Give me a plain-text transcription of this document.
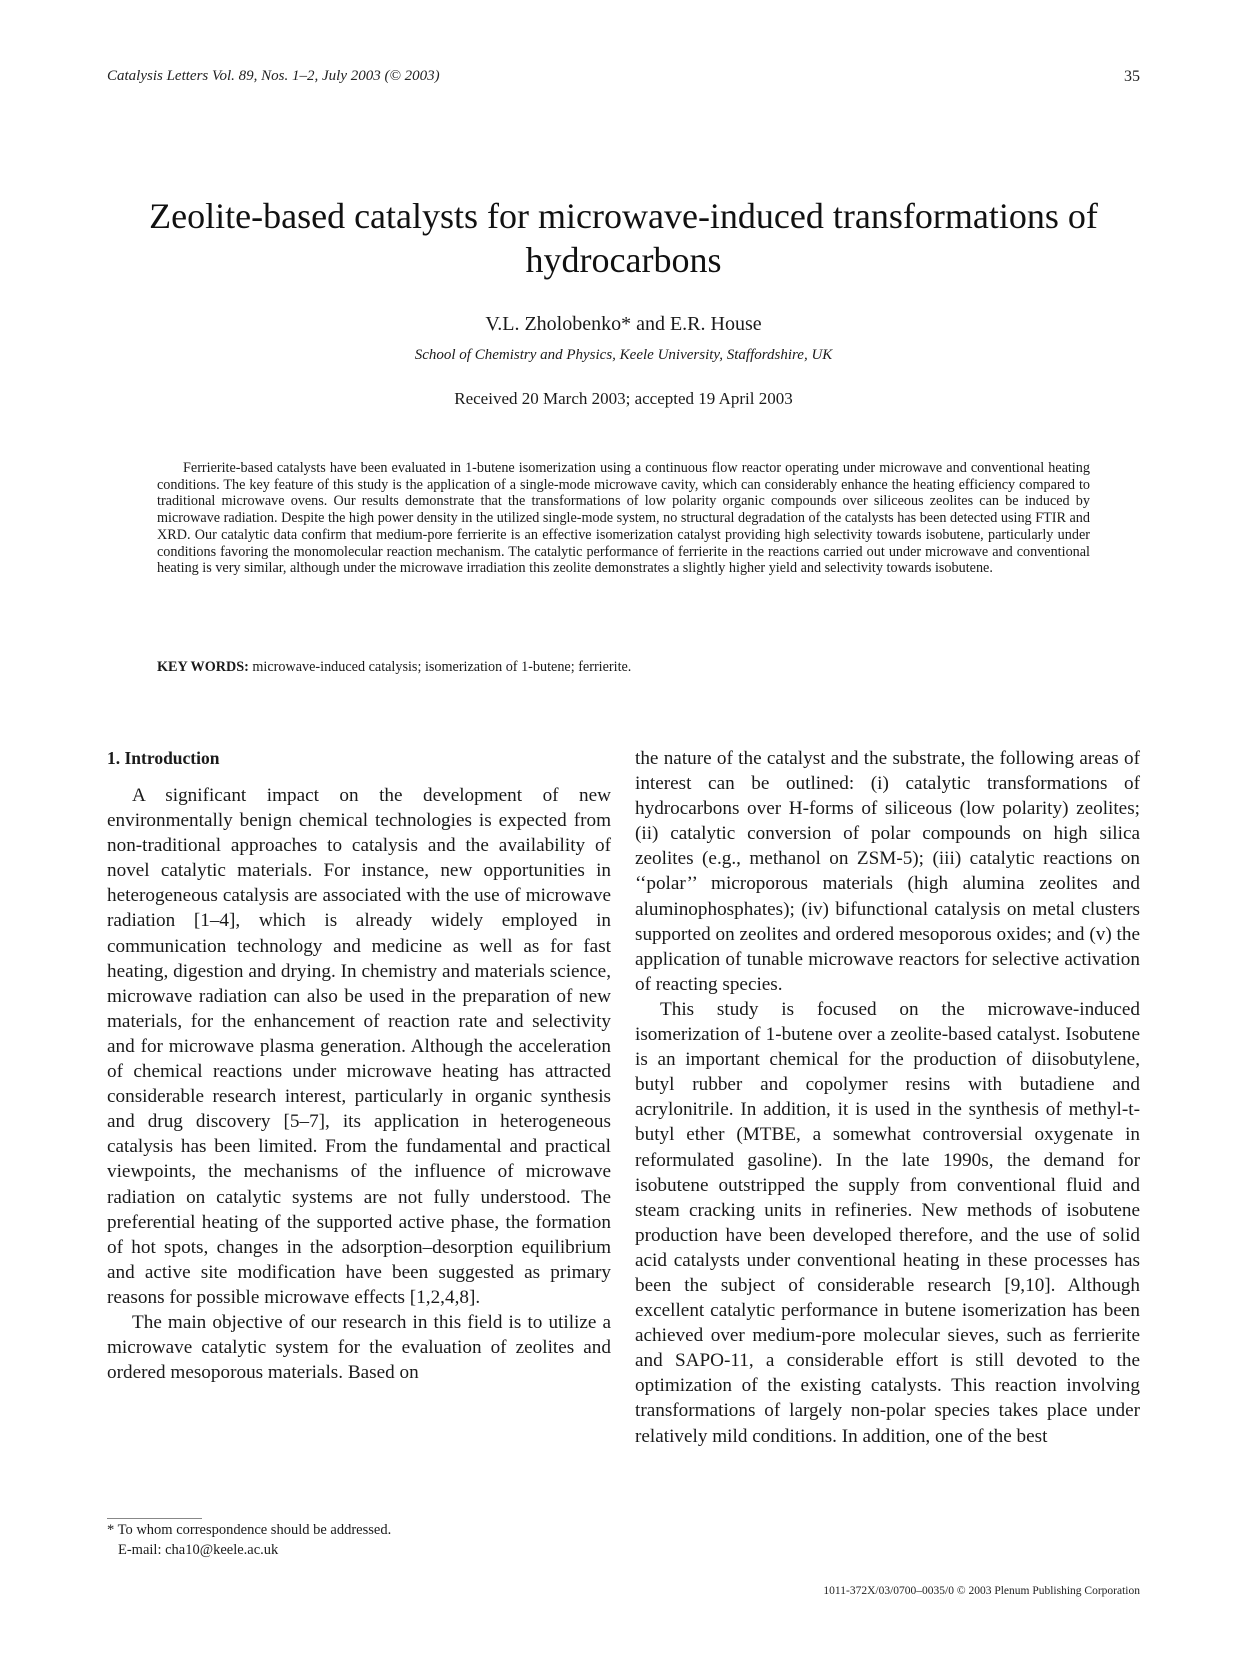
Catalysis Letters Vol. 89, Nos. 1–2, July 2003 (© 2003)	35
Zeolite-based catalysts for microwave-induced transformations of hydrocarbons
V.L. Zholobenko* and E.R. House
School of Chemistry and Physics, Keele University, Staffordshire, UK
Received 20 March 2003; accepted 19 April 2003

Ferrierite-based catalysts have been evaluated in 1-butene isomerization using a continuous flow reactor operating under microwave and conventional heating conditions. The key feature of this study is the application of a single-mode microwave cavity, which can considerably enhance the heating efficiency compared to traditional microwave ovens. Our results demonstrate that the transformations of low polarity organic compounds over siliceous zeolites can be induced by microwave radiation. Despite the high power density in the utilized single-mode system, no structural degradation of the catalysts has been detected using FTIR and XRD. Our catalytic data confirm that medium-pore ferrierite is an effective isomerization catalyst providing high selectivity towards isobutene, particularly under conditions favoring the monomolecular reaction mechanism. The catalytic performance of ferrierite in the reactions carried out under microwave and conventional heating is very similar, although under the microwave irradiation this zeolite demonstrates a slightly higher yield and selectivity towards isobutene.

KEY WORDS: microwave-induced catalysis; isomerization of 1-butene; ferrierite.

1. Introduction

A significant impact on the development of new environmentally benign chemical technologies is expected from non-traditional approaches to catalysis and the availability of novel catalytic materials. For instance, new opportunities in heterogeneous catalysis are associated with the use of microwave radiation [1–4], which is already widely employed in communication technology and medicine as well as for fast heating, digestion and drying. In chemistry and materials science, microwave radiation can also be used in the preparation of new materials, for the enhancement of reaction rate and selectivity and for microwave plasma generation. Although the acceleration of chemical reactions under microwave heating has attracted considerable research interest, particularly in organic synthesis and drug discovery [5–7], its application in heterogeneous catalysis has been limited. From the fundamental and practical viewpoints, the mechanisms of the influence of microwave radiation on catalytic systems are not fully understood. The preferential heating of the supported active phase, the formation of hot spots, changes in the adsorption–desorption equilibrium and active site modification have been suggested as primary reasons for possible microwave effects [1,2,4,8].

The main objective of our research in this field is to utilize a microwave catalytic system for the evaluation of zeolites and ordered mesoporous materials. Based on

the nature of the catalyst and the substrate, the following areas of interest can be outlined: (i) catalytic transformations of hydrocarbons over H-forms of siliceous (low polarity) zeolites; (ii) catalytic conversion of polar compounds on high silica zeolites (e.g., methanol on ZSM-5); (iii) catalytic reactions on ‘‘polar’’ microporous materials (high alumina zeolites and aluminophosphates); (iv) bifunctional catalysis on metal clusters supported on zeolites and ordered mesoporous oxides; and (v) the application of tunable microwave reactors for selective activation of reacting species.

This study is focused on the microwave-induced isomerization of 1-butene over a zeolite-based catalyst. Isobutene is an important chemical for the production of diisobutylene, butyl rubber and copolymer resins with butadiene and acrylonitrile. In addition, it is used in the synthesis of methyl-t-butyl ether (MTBE, a somewhat controversial oxygenate in reformulated gasoline). In the late 1990s, the demand for isobutene outstripped the supply from conventional fluid and steam cracking units in refineries. New methods of isobutene production have been developed therefore, and the use of solid acid catalysts under conventional heating in these processes has been the subject of considerable research [9,10]. Although excellent catalytic performance in butene isomerization has been achieved over medium-pore molecular sieves, such as ferrierite and SAPO-11, a considerable effort is still devoted to the optimization of the existing catalysts. This reaction involving transformations of largely non-polar species takes place under relatively mild conditions. In addition, one of the best

* To whom correspondence should be addressed.

E-mail: cha10@keele.ac.uk

1011-372X/03/0700–0035/0 © 2003 Plenum Publishing Corporation
